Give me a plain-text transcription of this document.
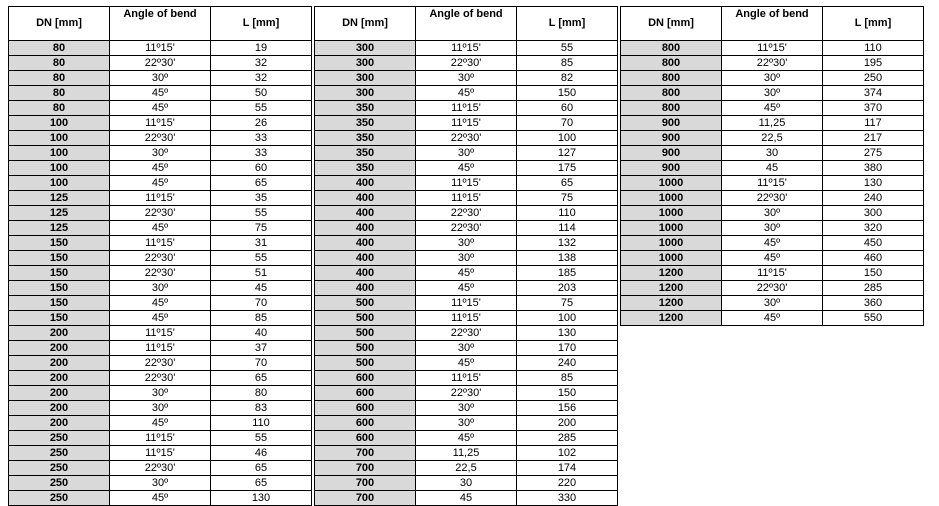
DN [mm]	Angle of bend	L [mm]
80	11º15'	19
80	22º30'	32
80	30º	32
80	45º	50
80	45º	55
100	11º15'	26
100	22º30'	33
100	30º	33
100	45º	60
100	45º	65
125	11º15'	35
125	22º30'	55
125	45º	75
150	11º15'	31
150	22º30'	55
150	22º30'	51
150	30º	45
150	45º	70
150	45º	85
200	11º15'	40
200	11º15'	37
200	22º30'	70
200	22º30'	65
200	30º	80
200	30º	83
200	45º	110
250	11º15'	55
250	11º15'	46
250	22º30'	65
250	30º	65
250	45º	130
DN [mm]	Angle of bend	L [mm]
300	11º15'	55
300	22º30'	85
300	30º	82
300	45º	150
350	11º15'	60
350	11º15'	70
350	22º30'	100
350	30º	127
350	45º	175
400	11º15'	65
400	11º15'	75
400	22º30'	110
400	22º30'	114
400	30º	132
400	30º	138
400	45º	185
400	45º	203
500	11º15'	75
500	11º15'	100
500	22º30'	130
500	30º	170
500	45º	240
600	11º15'	85
600	22º30'	150
600	30º	156
600	30º	200
600	45º	285
700	11,25	102
700	22,5	174
700	30	220
700	45	330
DN [mm]	Angle of bend	L [mm]
800	11º15'	110
800	22º30'	195
800	30º	250
800	30º	374
800	45º	370
900	11,25	117
900	22,5	217
900	30	275
900	45	380
1000	11º15'	130
1000	22º30'	240
1000	30º	300
1000	30º	320
1000	45º	450
1000	45º	460
1200	11º15'	150
1200	22º30'	285
1200	30º	360
1200	45º	550
